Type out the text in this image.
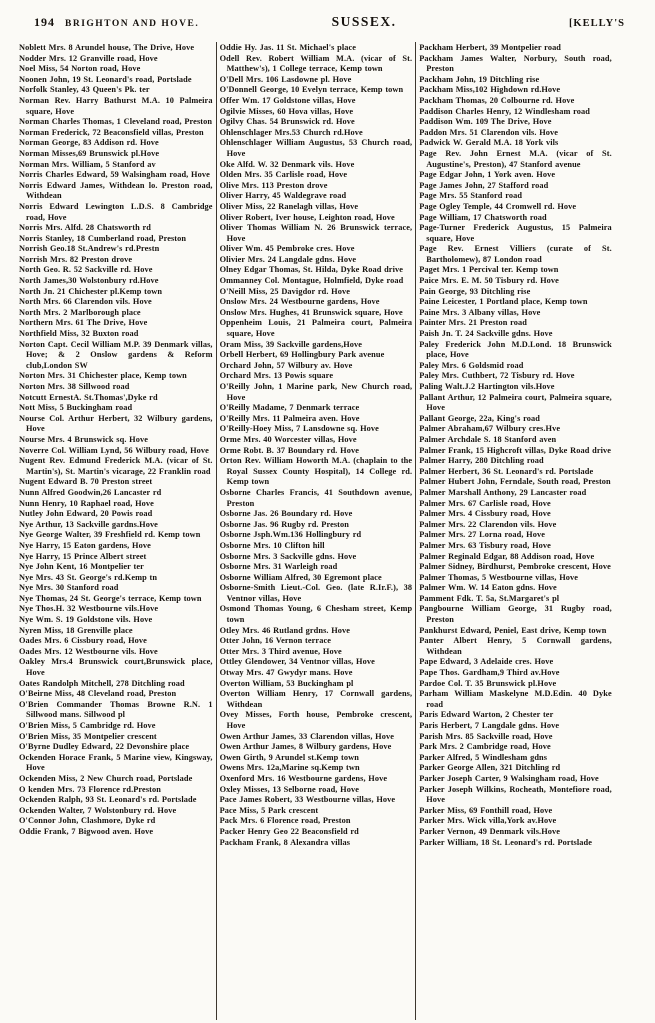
194 BRIGHTON AND HOVE.	SUSSEX.	[KELLY'S
Noblett Mrs. 8 Arundel house, The Drive, Hove
Nodder Mrs. 12 Granville road, Hove
Noel Miss, 54 Norton road, Hove
Noonen John, 19 St. Leonard's road, Portslade
Norfolk Stanley, 43 Queen's Pk. ter
Norman Rev. Harry Bathurst M.A. 10 Palmeira square, Hove
Norman Charles Thomas, 1 Cleveland road, Preston
Norman Frederick, 72 Beaconsfield villas, Preston
Norman George, 83 Addison rd. Hove
Norman Misses,69 Brunswick pl.Hove
Norman Mrs. William, 5 Stanford av
Norris Charles Edward, 59 Walsingham road, Hove
Norris Edward James, Withdean lo. Preston road, Withdean
Norris Edward Lewington L.D.S. 8 Cambridge road, Hove
Norris Mrs. Alfd. 28 Chatsworth rd
Norris Stanley, 18 Cumberland road, Preston
Norrish Geo.18 St.Andrew's rd.Prestn
Norrish Mrs. 82 Preston drove
North Geo. R. 52 Sackville rd. Hove
North James,30 Wolstonbury rd.Hove
North Jn. 21 Chichester pl.Kemp town
North Mrs. 66 Clarendon vils. Hove
North Mrs. 2 Marlborough place
Northern Mrs. 61 The Drive, Hove
Northfield Miss, 32 Buxton road
Norton Capt. Cecil William M.P. 39 Denmark villas, Hove; & 2 Onslow gardens & Reform club,London SW
Norton Mrs. 31 Chichester place, Kemp town
Norton Mrs. 38 Sillwood road
Notcutt ErnestA. St.Thomas',Dyke rd
Nott Miss, 5 Buckingham road
Nourse Col. Arthur Herbert, 32 Wilbury gardens, Hove
Nourse Mrs. 4 Brunswick sq. Hove
Noverre Col. William Lynd, 56 Wilbury road, Hove
Nugent Rev. Edmund Frederick M.A. (vicar of St. Martin's), St. Martin's vicarage, 22 Franklin road
Nugent Edward B. 70 Preston street
Nunn Alfred Goodwin,26 Lancaster rd
Nunn Henry, 10 Raphael road, Hove
Nutley John Edward, 20 Powis road
Nye Arthur, 13 Sackville gardns.Hove
Nye George Walter, 39 Freshfield rd. Kemp town
Nye Harry, 15 Eaton gardens, Hove
Nye Harry, 15 Prince Albert street
Nye John Kent, 16 Montpelier ter
Nye Mrs. 43 St. George's rd.Kemp tn
Nye Mrs. 30 Stanford road
Nye Thomas, 24 St. George's terrace, Kemp town
Nye Thos.H. 32 Westbourne vils.Hove
Nye Wm. S. 19 Goldstone vils. Hove
Nyren Miss, 18 Grenville place
Oades Mrs. 6 Cissbury road, Hove
Oades Mrs. 12 Westbourne vils. Hove
Oakley Mrs.4 Brunswick court,Brunswick place, Hove
Oates Randolph Mitchell, 278 Ditchling road
O'Beirne Miss, 48 Cleveland road, Preston
O'Brien Commander Thomas Browne R.N. 1 Sillwood mans. Sillwood pl
O'Brien Miss, 5 Cambridge rd. Hove
O'Brien Miss, 35 Montpelier crescent
O'Byrne Dudley Edward, 22 Devonshire place
Ockenden Horace Frank, 5 Marine view, Kingsway, Hove
Ockenden Miss, 2 New Church road, Portslade
O kenden Mrs. 73 Florence rd.Preston
Ockenden Ralph, 93 St. Leonard's rd. Portslade
Ockenden Walter, 7 Wolstonbury rd. Hove
O'Connor John, Clashmore, Dyke rd
Oddie Frank, 7 Bigwood aven. Hove
Oddie Hy. Jas. 11 St. Michael's place
Odell Rev. Robert William M.A. (vicar of St. Matthew's), 1 College terrace, Kemp town
O'Dell Mrs. 106 Lasdowne pl. Hove
O'Donnell George, 10 Evelyn terrace, Kemp town
Offer Wm. 17 Goldstone villas, Hove
Ogilvie Misses, 60 Hova villas, Hove
Ogilvy Chas. 54 Brunswick rd. Hove
Ohlenschlager Mrs.53 Church rd.Hove
Ohlenschlager William Augustus, 53 Church road, Hove
Oke Alfd. W. 32 Denmark vils. Hove
Olden Mrs. 35 Carlisle road, Hove
Olive Mrs. 113 Preston drove
Oliver Harry, 45 Waldegrave road
Oliver Miss, 22 Ranelagh villas, Hove
Oliver Robert, Iver house, Leighton road, Hove
Oliver Thomas William N. 26 Brunswick terrace, Hove
Oliver Wm. 45 Pembroke cres. Hove
Olivier Mrs. 24 Langdale gdns. Hove
Olney Edgar Thomas, St. Hilda, Dyke Road drive
Ommanney Col. Montague, Holmfield, Dyke road
O'Neill Miss, 25 Davigdor rd. Hove
Onslow Mrs. 24 Westbourne gardens, Hove
Onslow Mrs. Hughes, 41 Brunswick square, Hove
Oppenheim Louis, 21 Palmeira court, Palmeira square, Hove
Oram Miss, 39 Sackville gardens,Hove
Orbell Herbert, 69 Hollingbury Park avenue
Orchard John, 57 Wilbury av. Hove
Orchard Mrs. 13 Powis square
O'Reilly John, 1 Marine park, New Church road, Hove
O'Reilly Madame, 7 Denmark terrace
O'Reilly Mrs. 11 Palmeira aven. Hove
O'Reilly-Hoey Miss, 7 Lansdowne sq. Hove
Orme Mrs. 40 Worcester villas, Hove
Orme Robt. B. 37 Boundary rd. Hove
Orton Rev. William Howorth M.A. (chaplain to the Royal Sussex County Hospital), 14 College rd. Kemp town
Osborne Charles Francis, 41 Southdown avenue, Preston
Osborne Jas. 26 Boundary rd. Hove
Osborne Jas. 96 Rugby rd. Preston
Osborne Jsph.Wm.136 Hollingbury rd
Osborne Mrs. 10 Clifton hill
Osborne Mrs. 3 Sackville gdns. Hove
Osborne Mrs. 31 Warleigh road
Osborne William Alfred, 30 Egremont place
Osborne-Smith Lieut.-Col. Geo. (late R.Ir.F.), 38 Ventnor villas, Hove
Osmond Thomas Young, 6 Chesham street, Kemp town
Otley Mrs. 46 Rutland grdns. Hove
Otter John, 16 Vernon terrace
Otter Mrs. 3 Third avenue, Hove
Ottley Glendower, 34 Ventnor villas, Hove
Otway Mrs. 47 Gwydyr mans. Hove
Overton William, 53 Buckingham pl
Overton William Henry, 17 Cornwall gardens, Withdean
Ovey Misses, Forth house, Pembroke crescent, Hove
Owen Arthur James, 33 Clarendon villas, Hove
Owen Arthur James, 8 Wilbury gardens, Hove
Owen Girth, 9 Arundel st.Kemp town
Owens Mrs. 12a,Marine sq.Kemp twn
Oxenford Mrs. 16 Westbourne gardens, Hove
Oxley Misses, 13 Selborne road, Hove
Pace James Robert, 33 Westbourne villas, Hove
Pace Miss, 5 Park crescent
Pack Mrs. 6 Florence road, Preston
Packer Henry Geo 22 Beaconsfield rd
Packham Frank, 8 Alexandra villas
Packham Herbert, 39 Montpelier road
Packham James Walter, Norbury, South road, Preston
Packham John, 19 Ditchling rise
Packham Miss,102 Highdown rd.Hove
Packham Thomas, 20 Colbourne rd. Hove
Paddison Charles Henry, 12 Windlesham road
Paddison Wm. 109 The Drive, Hove
Paddon Mrs. 51 Clarendon vils. Hove
Padwick W. Gerald M.A. 18 York vils
Page Rev. John Ernest M.A. (vicar of St. Augustine's, Preston), 47 Stanford avenue
Page Edgar John, 1 York aven. Hove
Page James John, 27 Stafford road
Page Mrs. 55 Stanford road
Page Ogley Temple, 44 Cromwell rd. Hove
Page William, 17 Chatsworth road
Page-Turner Frederick Augustus, 15 Palmeira square, Hove
Page Rev. Ernest Villiers (curate of St. Bartholomew), 87 London road
Paget Mrs. 1 Percival ter. Kemp town
Paice Mrs. E. M. 50 Tisbury rd. Hove
Pain George, 93 Ditchling rise
Paine Leicester, 1 Portland place, Kemp town
Paine Mrs. 3 Albany villas, Hove
Painter Mrs. 21 Preston road
Paish Jn. T. 24 Sackville gdns. Hove
Paley Frederick John M.D.Lond. 18 Brunswick place, Hove
Paley Mrs. 6 Goldsmid road
Paley Mrs. Cuthbert, 72 Tisbury rd. Hove
Paling Walt.J.2 Hartington vils.Hove
Pallant Arthur, 12 Palmeira court, Palmeira square, Hove
Pallant George, 22a, King's road
Palmer Abraham,67 Wilbury cres.Hve
Palmer Archdale S. 18 Stanford aven
Palmer Frank, 15 Highcroft villas, Dyke Road drive
Palmer Harry, 280 Ditchling road
Palmer Herbert, 36 St. Leonard's rd. Portslade
Palmer Hubert John, Ferndale, South road, Preston
Palmer Marshall Anthony, 29 Lancaster road
Palmer Mrs. 67 Carlisle road, Hove
Palmer Mrs. 4 Cissbury road, Hove
Palmer Mrs. 22 Clarendon vils. Hove
Palmer Mrs. 27 Lorna road, Hove
Palmer Mrs. 63 Tisbury road, Hove
Palmer Reginald Edgar, 88 Addison road, Hove
Palmer Sidney, Birdhurst, Pembroke crescent, Hove
Palmer Thomas, 5 Westbourne villas, Hove
Palmer Wm. W. 14 Eaton gdns. Hove
Pamment Fdk. T. 5a, St.Margaret's pl
Pangbourne William George, 31 Rugby road, Preston
Pankhurst Edward, Peniel, East drive, Kemp town
Panter Albert Henry, 5 Cornwall gardens, Withdean
Pape Edward, 3 Adelaide cres. Hove
Pape Thos. Gardham,9 Third av.Hove
Pardoe Col. T. 35 Brunswick pl.Hove
Parham William Maskelyne M.D.Edin. 40 Dyke road
Paris Edward Warton, 2 Chester ter
Paris Herbert, 7 Langdale gdns. Hove
Parish Mrs. 85 Sackville road, Hove
Park Mrs. 2 Cambridge road, Hove
Parker Alfred, 5 Windlesham gdns
Parker George Allen, 321 Ditchling rd
Parker Joseph Carter, 9 Walsingham road, Hove
Parker Joseph Wilkins, Rocheath, Montefiore road, Hove
Parker Miss, 69 Fonthill road, Hove
Parker Mrs. Wick villa,York av.Hove
Parker Vernon, 49 Denmark vils.Hove
Parker William, 18 St. Leonard's rd. Portslade
